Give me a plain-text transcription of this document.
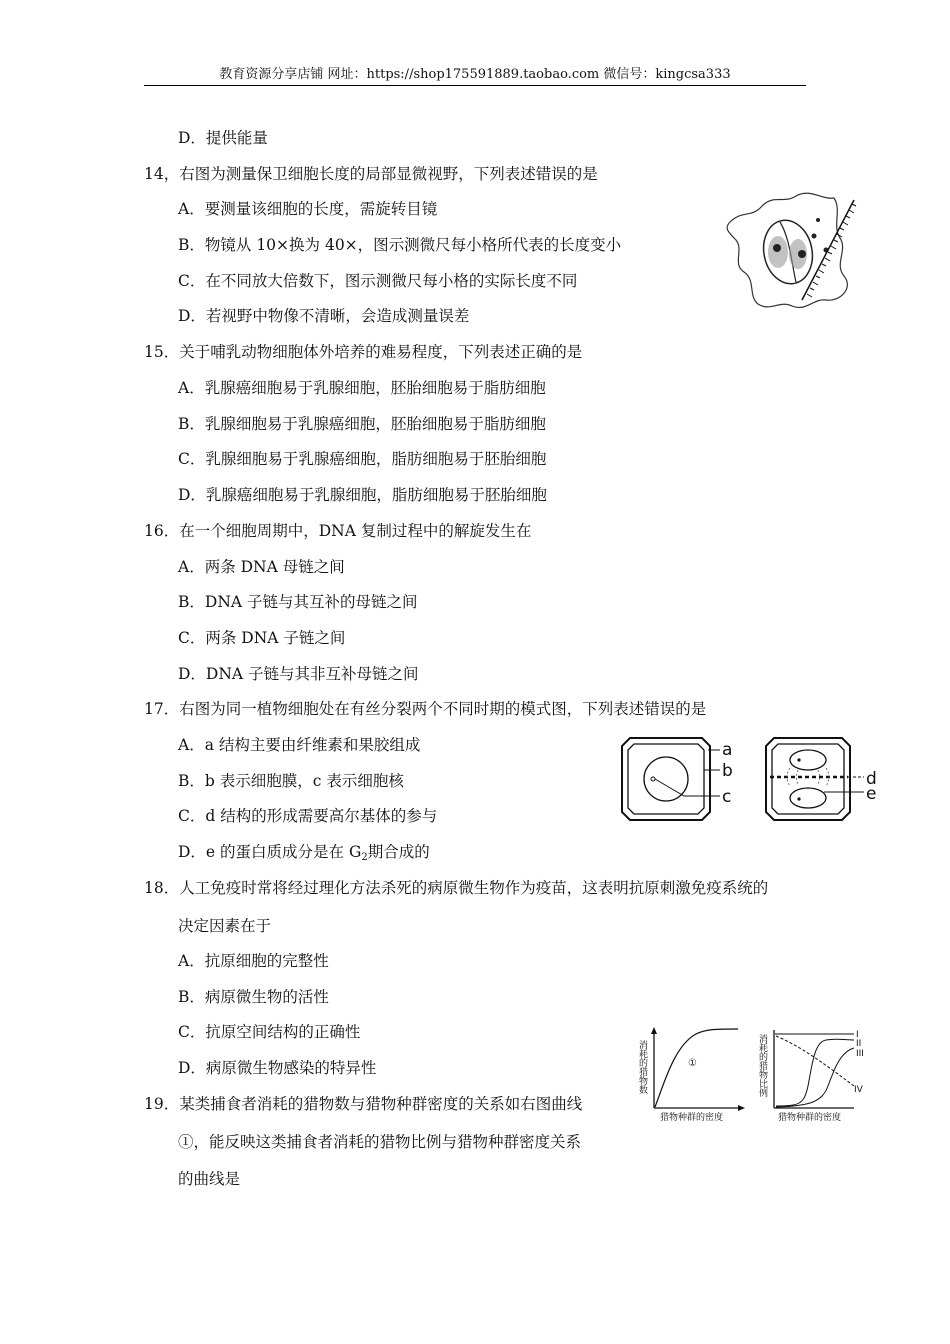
教育资源分享店铺 网址：https://shop175591889.taobao.com 微信号：kingcsa333
D．提供能量
14，右图为测量保卫细胞长度的局部显微视野，下列表述错误的是
A．要测量该细胞的长度，需旋转目镜
B．物镜从 10×换为 40×，图示测微尺每小格所代表的长度变小
C．在不同放大倍数下，图示测微尺每小格的实际长度不同
D．若视野中物像不清晰，会造成测量误差
15．关于哺乳动物细胞体外培养的难易程度，下列表述正确的是
A．乳腺癌细胞易于乳腺细胞，胚胎细胞易于脂肪细胞
B．乳腺细胞易于乳腺癌细胞，胚胎细胞易于脂肪细胞
C．乳腺细胞易于乳腺癌细胞，脂肪细胞易于胚胎细胞
D．乳腺癌细胞易于乳腺细胞，脂肪细胞易于胚胎细胞
16．在一个细胞周期中，DNA 复制过程中的解旋发生在
A．两条 DNA 母链之间
B．DNA 子链与其互补的母链之间
C．两条 DNA 子链之间
D．DNA 子链与其非互补母链之间
17．右图为同一植物细胞处在有丝分裂两个不同时期的模式图，下列表述错误的是
A．a 结构主要由纤维素和果胶组成
B．b 表示细胞膜，c 表示细胞核
C．d 结构的形成需要高尔基体的参与
D．e 的蛋白质成分是在 $G_2$期合成的
a
b
c
d
e
18．人工免疫时常将经过理化方法杀死的病原微生物作为疫苗，这表明抗原刺激免疫系统的
决定因素在于
A．抗原细胞的完整性
B．病原微生物的活性
C．抗原空间结构的正确性
D．病原微生物感染的特异性
19．某类捕食者消耗的猎物数与猎物种群密度的关系如右图曲线
①，能反映这类捕食者消耗的猎物比例与猎物种群密度关系
的曲线是
①
消耗的猎物数
猎物种群的密度
I
II
III
IV
消耗的猎物比例
猎物种群的密度
